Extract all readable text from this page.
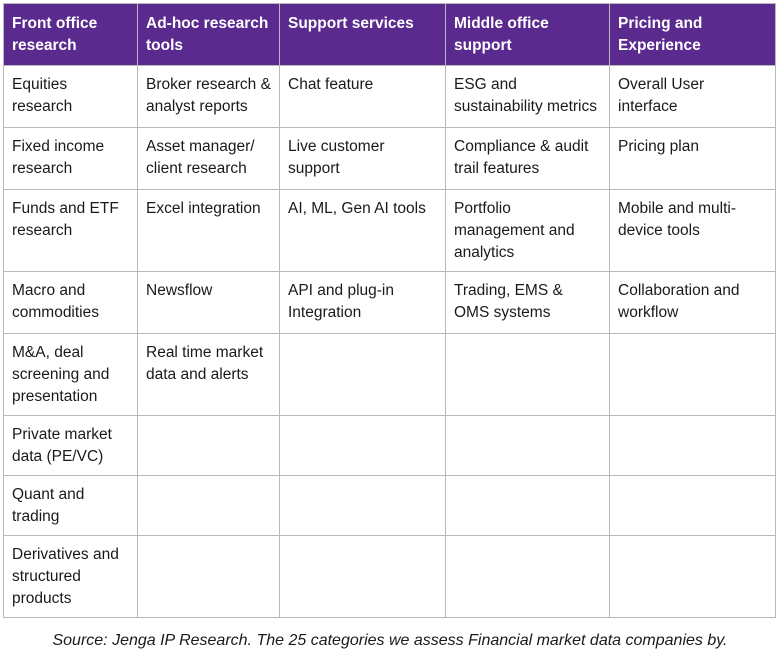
Front office research	Ad-hoc research tools	Support services	Middle office support	Pricing and Experience
Equities research	Broker research & analyst reports	Chat feature	ESG and sustainability metrics	Overall User interface
Fixed income research	Asset manager/ client research	Live customer support	Compliance & audit trail features	Pricing plan
Funds and ETF research	Excel integration	AI, ML, Gen AI tools	Portfolio management and analytics	Mobile and multi-device tools
Macro and commodities	Newsflow	API and plug-in Integration	Trading, EMS & OMS systems	Collaboration and workflow
M&A, deal screening and presentation	Real time market data and alerts			
Private market data (PE/VC)				
Quant and trading				
Derivatives and structured products				
Source: Jenga IP Research. The 25 categories we assess Financial market data companies by.
